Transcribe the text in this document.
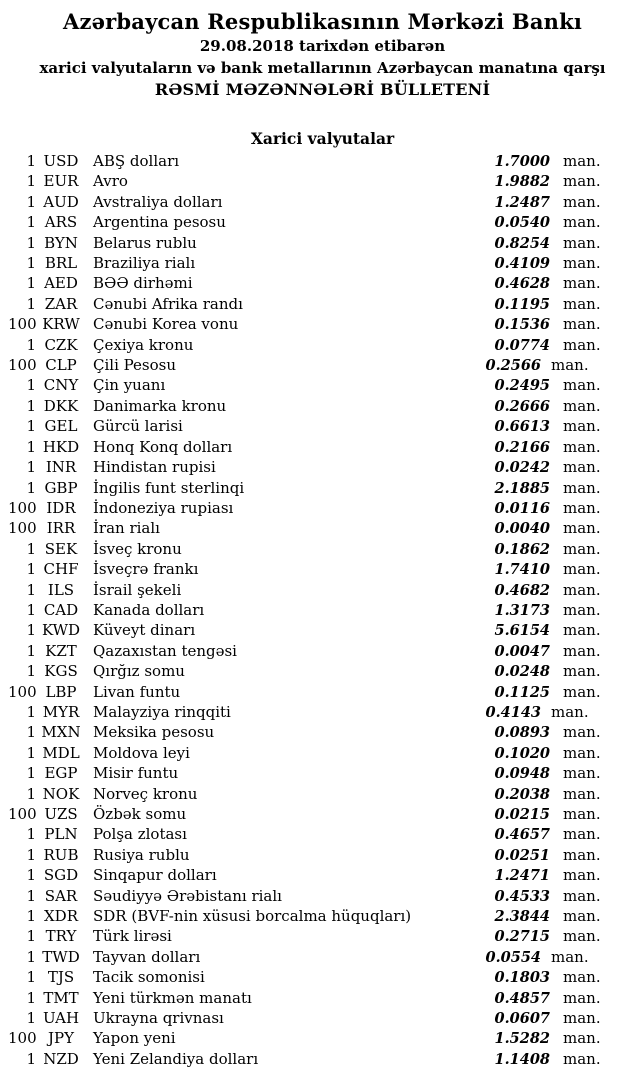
Azərbaycan Respublikasının Mərkəzi Bankı
29.08.2018 tarixdən etibarən
xarici valyutaların və bank metallarının Azərbaycan manatına qarşı
RƏSMİ MƏZƏNNƏLƏRİ BÜLLETENİ
Xarici valyutalar
1 USD ABŞ dolları	1.7000 man.
1 EUR Avro	1.9882 man.
1 AUD Avstraliya dolları	1.2487 man.
1 ARS	Argentina pesosu	0.0540 man.
1 BYN	Belarus rublu	0.8254 man.
1 BRL	Braziliya rialı	0.4109 man.
1 AED	BƏƏ dirhəmi	0.4628 man.
1 ZAR	Cənubi Afrika randı	0.1195 man.
100 KRW Cənubi Korea vonu	0.1536 man.
1 CZK	Çexiya kronu	0.0774 man.
100 CLP	Çili Pesosu	0.2566 man.
1 CNY Çin yuanı	0.2495 man.
1 DKK Danimarka kronu	0.2666 man.
1 GEL	Gürcü larisi	0.6613 man.
1 HKD Honq Konq dolları	0.2166 man.
1 INR	Hindistan rupisi	0.0242 man.
1 GBP	İngilis funt sterlinqi	2.1885 man.
100 IDR	İndoneziya rupiası	0.0116 man.
100 IRR	İran rialı	0.0040 man.
1 SEK	İsveç kronu	0.1862 man.
1 CHF İsveçrə frankı	1.7410 man.
1 ILS	İsrail şekeli	0.4682 man.
1 CAD Kanada dolları	1.3173 man.
1 KWD Küveyt dinarı	5.6154 man.
1 KZT	Qazaxıstan tengəsi	0.0047 man.
1 KGS	Qırğız somu	0.0248 man.
100 LBP	Livan funtu	0.1125 man.
1 MYR Malayziya rinqqiti	0.4143 man.
1 MXN Meksika pesosu	0.0893 man.
1 MDL Moldova leyi	0.1020 man.
1 EGP	Misir funtu	0.0948 man.
1 NOK Norveç kronu	0.2038 man.
100 UZS	Özbək somu	0.0215 man.
1 PLN	Polşa zlotası	0.4657 man.
1 RUB Rusiya rublu	0.0251 man.
1 SGD Sinqapur dolları	1.2471 man.
1 SAR	Səudiyyə Ərəbistanı rialı	0.4533 man.
1 XDR	SDR (BVF-nin xüsusi borcalma hüquqları)	2.3844 man.
1 TRY	Türk lirəsi	0.2715 man.
1 TWD Tayvan dolları	0.0554 man.
1 TJS	Tacik somonisi	0.1803 man.
1 TMT Yeni türkmən manatı	0.4857 man.
1 UAH Ukrayna qrivnası	0.0607 man.
100 JPY	Yapon yeni	1.5282 man.
1 NZD Yeni Zelandiya dolları	1.1408 man.
